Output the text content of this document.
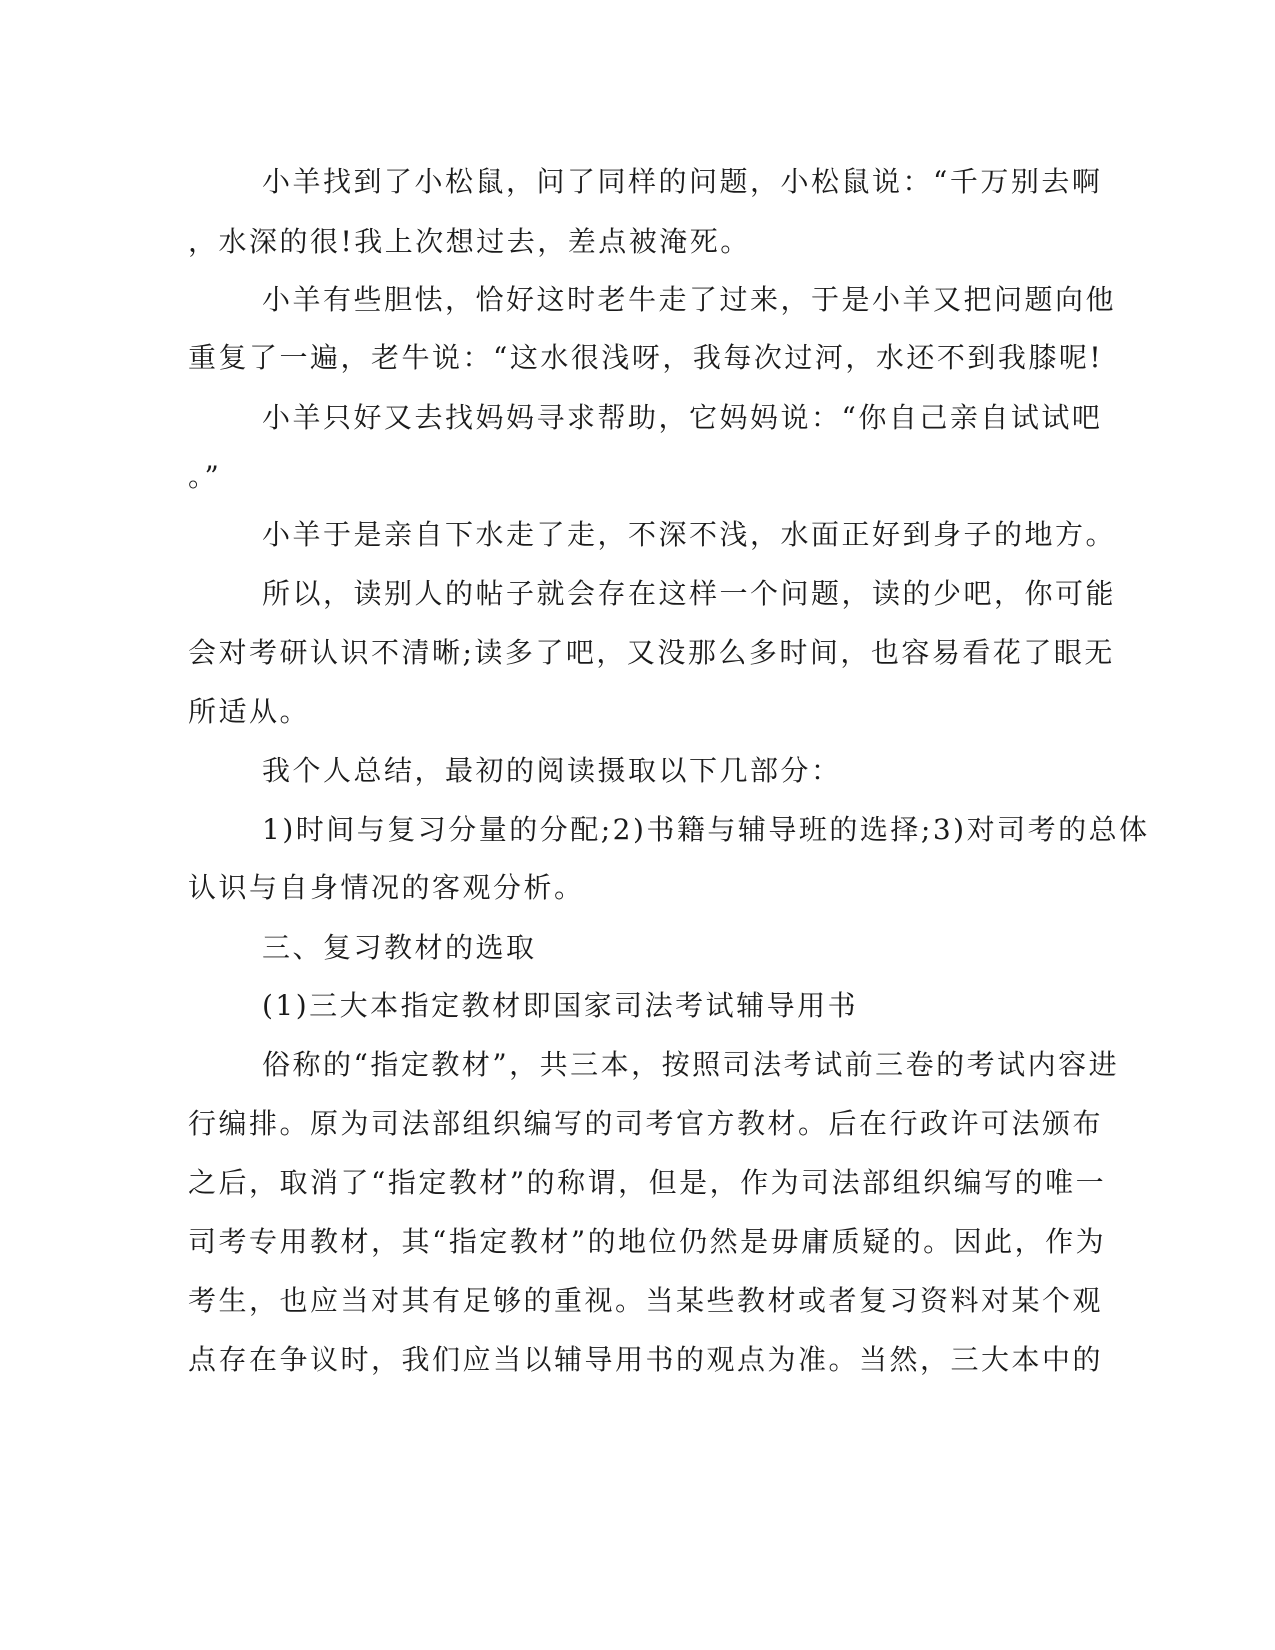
小羊找到了小松鼠，问了同样的问题，小松鼠说：“千万别去啊
，水深的很!我上次想过去，差点被淹死。
小羊有些胆怯，恰好这时老牛走了过来，于是小羊又把问题向他
重复了一遍，老牛说：“这水很浅呀，我每次过河，水还不到我膝呢!
小羊只好又去找妈妈寻求帮助，它妈妈说：“你自己亲自试试吧
。”
小羊于是亲自下水走了走，不深不浅，水面正好到身子的地方。
所以，读别人的帖子就会存在这样一个问题，读的少吧，你可能
会对考研认识不清晰;读多了吧，又没那么多时间，也容易看花了眼无
所适从。
我个人总结，最初的阅读摄取以下几部分：
1)时间与复习分量的分配;2)书籍与辅导班的选择;3)对司考的总体
认识与自身情况的客观分析。
三、复习教材的选取
(1)三大本指定教材即国家司法考试辅导用书
俗称的“指定教材”，共三本，按照司法考试前三卷的考试内容进
行编排。原为司法部组织编写的司考官方教材。后在行政许可法颁布
之后，取消了“指定教材”的称谓，但是，作为司法部组织编写的唯一
司考专用教材，其“指定教材”的地位仍然是毋庸质疑的。因此，作为
考生，也应当对其有足够的重视。当某些教材或者复习资料对某个观
点存在争议时，我们应当以辅导用书的观点为准。当然，三大本中的
